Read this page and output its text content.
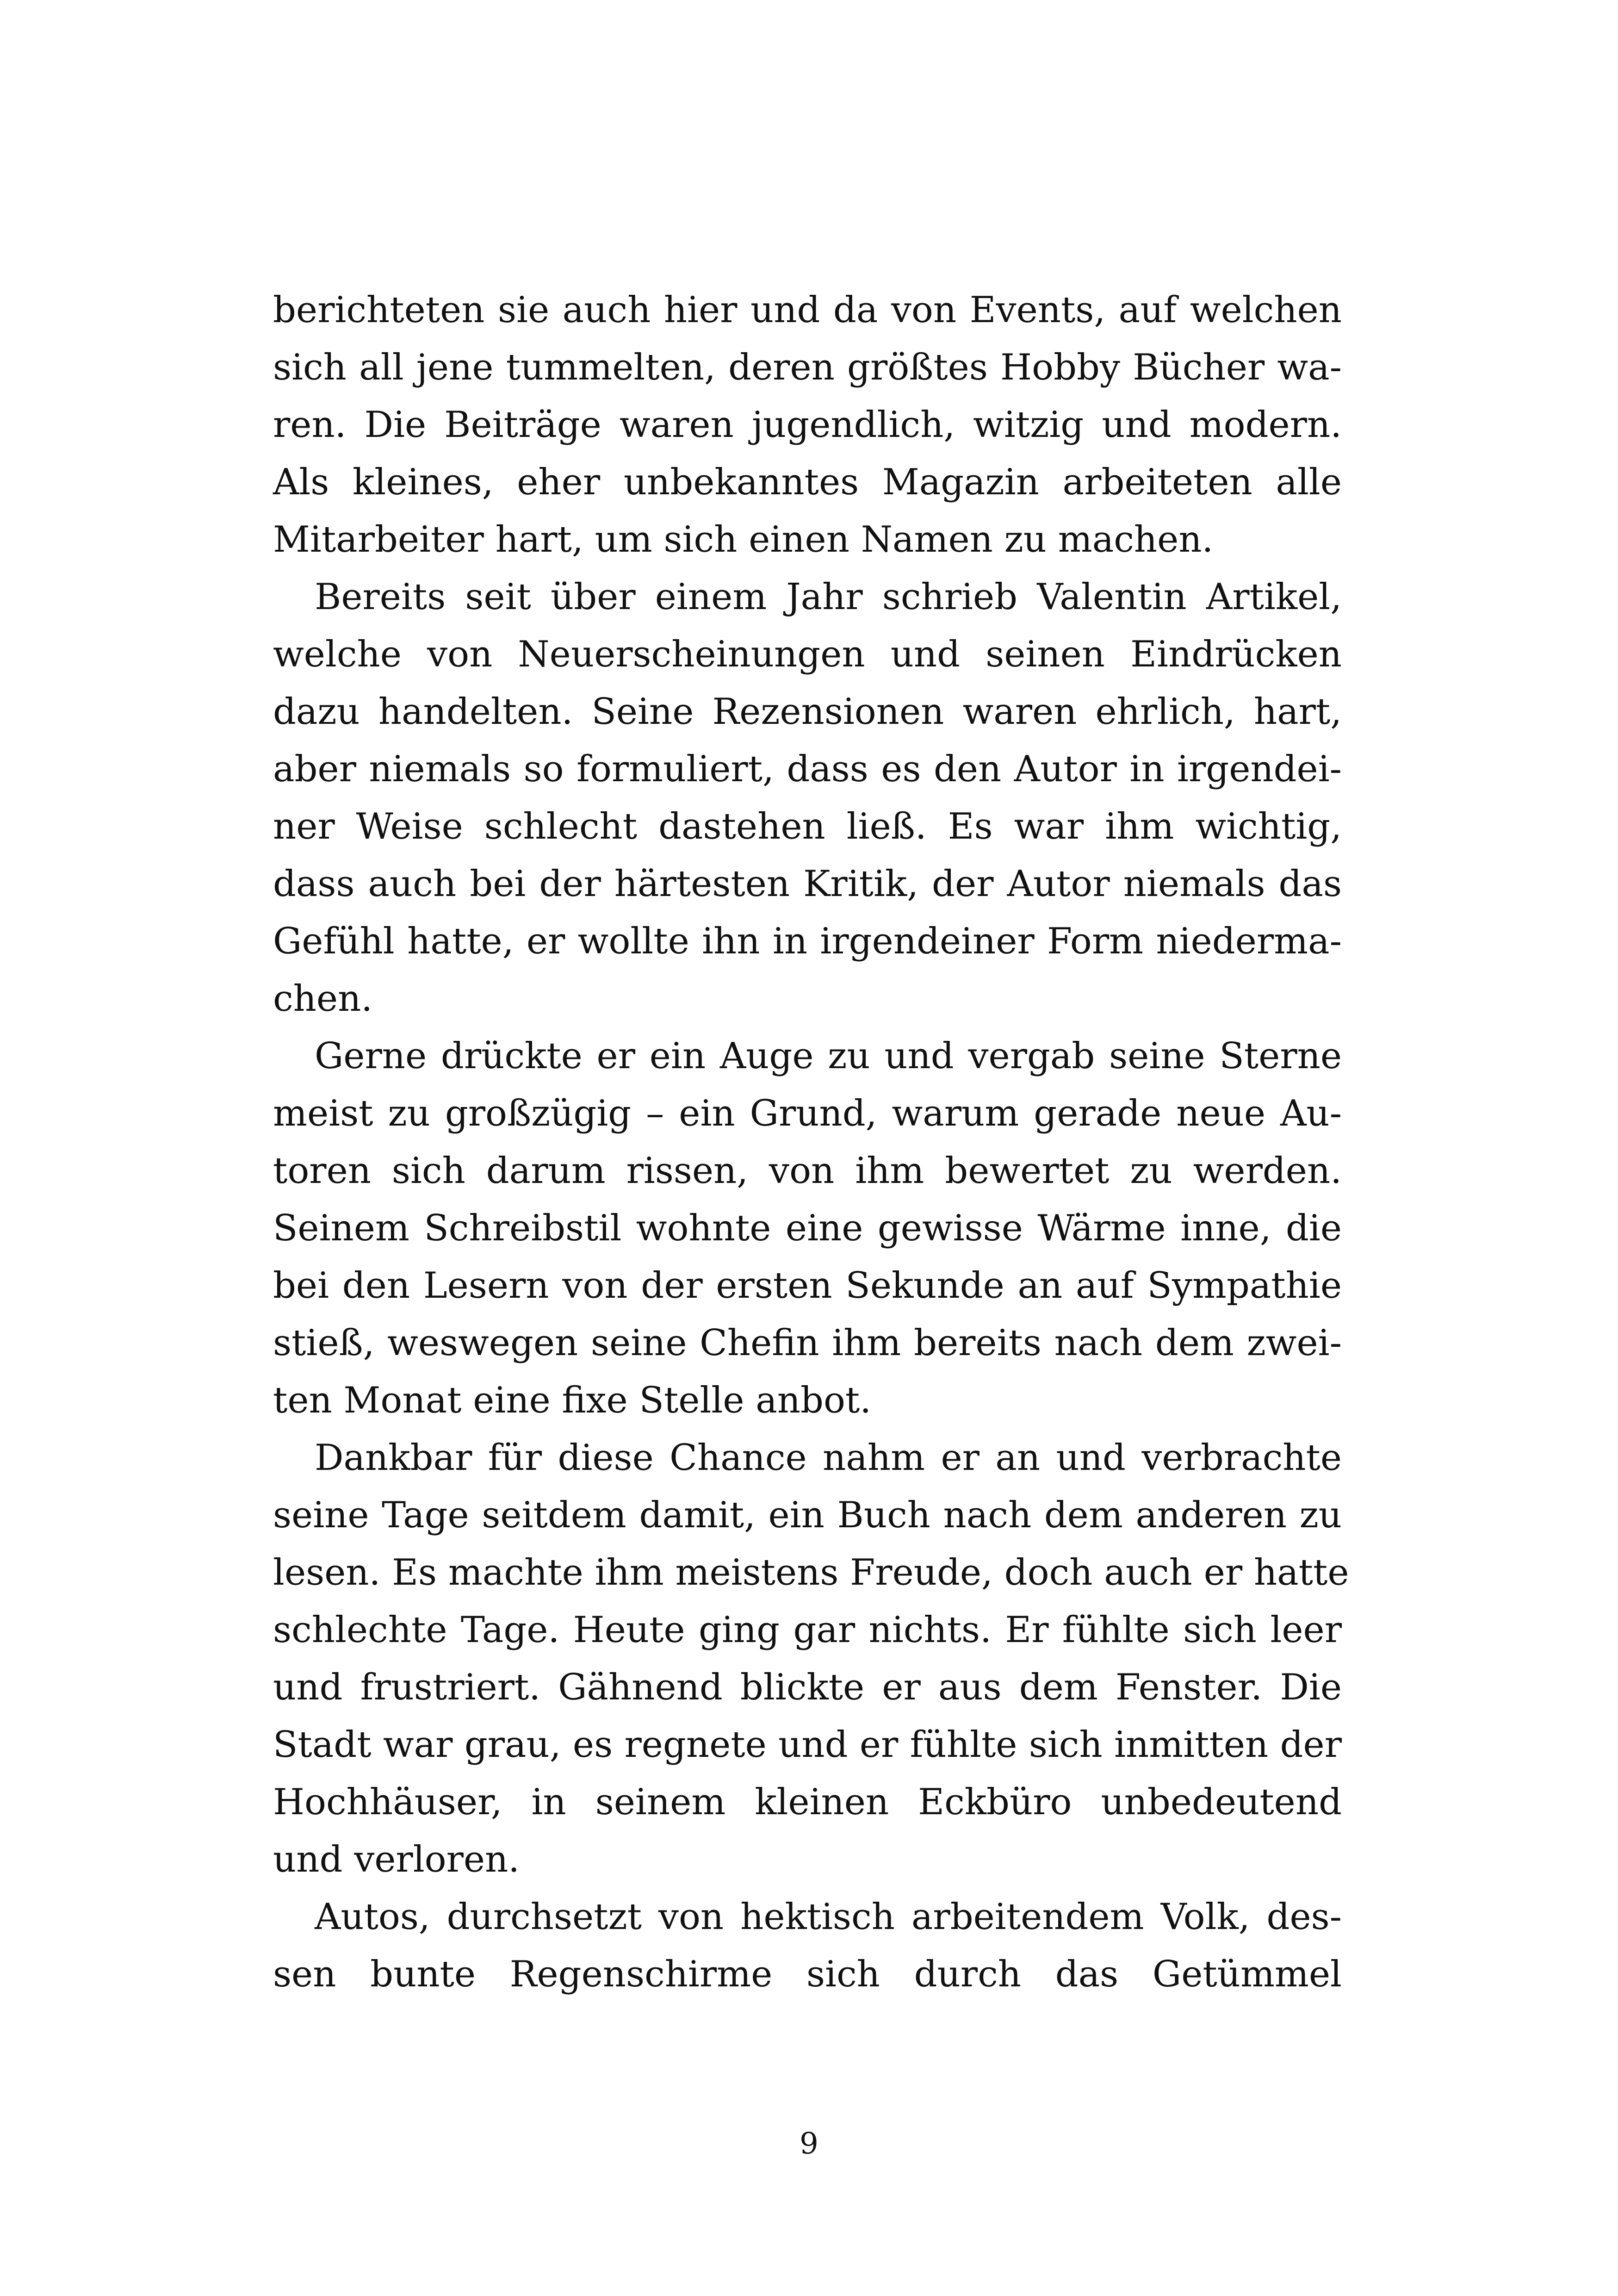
berichteten sie auch hier und da von Events, auf welchen
sich all jene tummelten, deren größtes Hobby Bücher wa-
ren. Die Beiträge waren jugendlich, witzig und modern.
Als kleines, eher unbekanntes Magazin arbeiteten alle
Mitarbeiter hart, um sich einen Namen zu machen.
Bereits seit über einem Jahr schrieb Valentin Artikel,
welche von Neuerscheinungen und seinen Eindrücken
dazu handelten. Seine Rezensionen waren ehrlich, hart,
aber niemals so formuliert, dass es den Autor in irgendei-
ner Weise schlecht dastehen ließ. Es war ihm wichtig,
dass auch bei der härtesten Kritik, der Autor niemals das
Gefühl hatte, er wollte ihn in irgendeiner Form niederma-
chen.
Gerne drückte er ein Auge zu und vergab seine Sterne
meist zu großzügig – ein Grund, warum gerade neue Au-
toren sich darum rissen, von ihm bewertet zu werden.
Seinem Schreibstil wohnte eine gewisse Wärme inne, die
bei den Lesern von der ersten Sekunde an auf Sympathie
stieß, weswegen seine Chefin ihm bereits nach dem zwei-
ten Monat eine fixe Stelle anbot.
Dankbar für diese Chance nahm er an und verbrachte
seine Tage seitdem damit, ein Buch nach dem anderen zu
lesen. Es machte ihm meistens Freude, doch auch er hatte
schlechte Tage. Heute ging gar nichts. Er fühlte sich leer
und frustriert. Gähnend blickte er aus dem Fenster. Die
Stadt war grau, es regnete und er fühlte sich inmitten der
Hochhäuser, in seinem kleinen Eckbüro unbedeutend
und verloren.
Autos, durchsetzt von hektisch arbeitendem Volk, des-
sen bunte Regenschirme sich durch das Getümmel
9
